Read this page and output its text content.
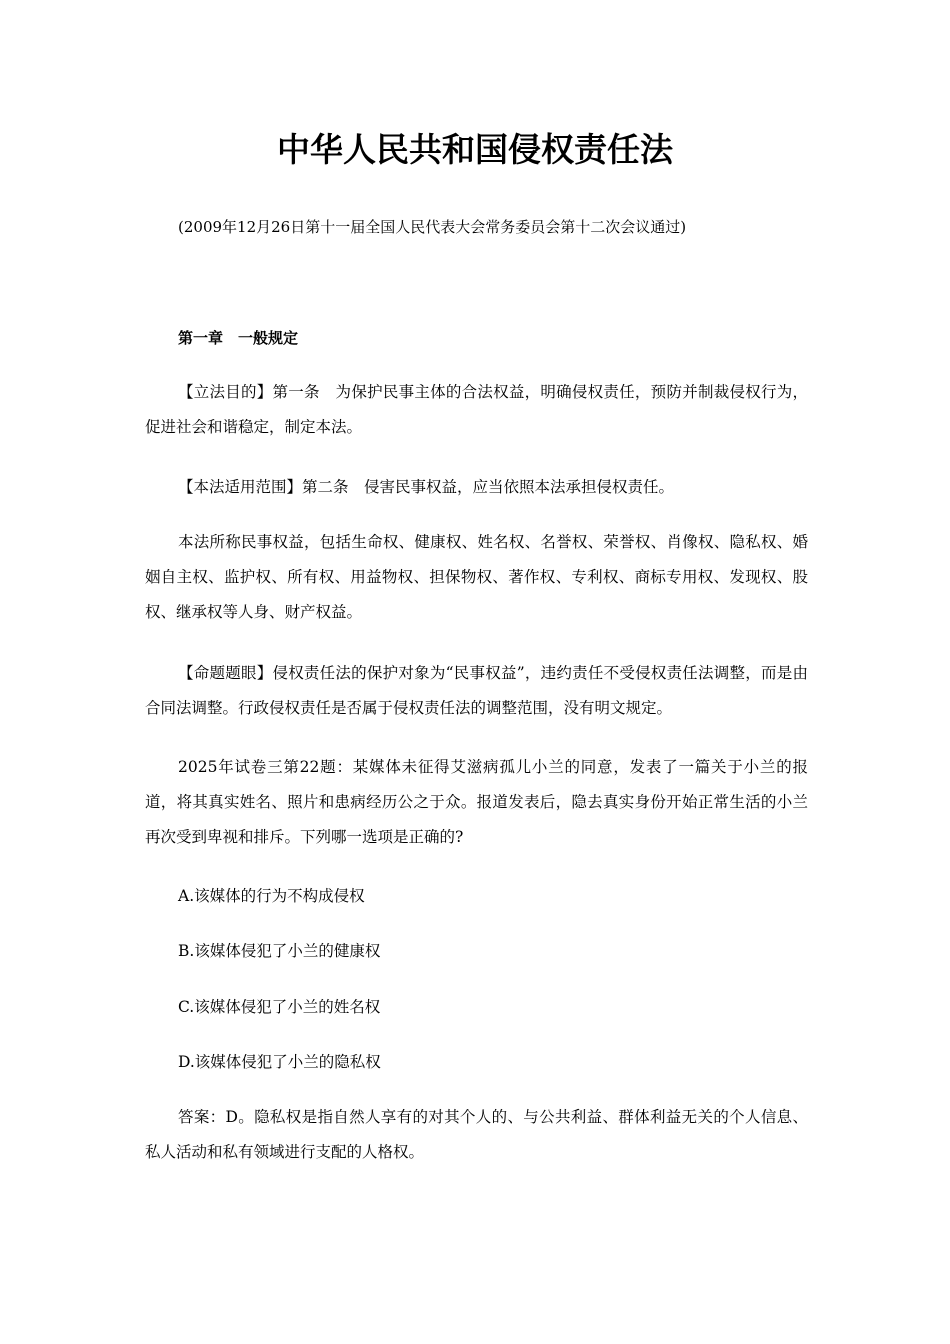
中华人民共和国侵权责任法
(2009年12月26日第十一届全国人民代表大会常务委员会第十二次会议通过)
第一章　一般规定
【立法目的】第一条　为保护民事主体的合法权益，明确侵权责任，预防并制裁侵权行为，促进社会和谐稳定，制定本法。
【本法适用范围】第二条　侵害民事权益，应当依照本法承担侵权责任。
本法所称民事权益，包括生命权、健康权、姓名权、名誉权、荣誉权、肖像权、隐私权、婚姻自主权、监护权、所有权、用益物权、担保物权、著作权、专利权、商标专用权、发现权、股权、继承权等人身、财产权益。
【命题题眼】侵权责任法的保护对象为“民事权益”，违约责任不受侵权责任法调整，而是由合同法调整。行政侵权责任是否属于侵权责任法的调整范围，没有明文规定。
2025年试卷三第22题：某媒体未征得艾滋病孤儿小兰的同意，发表了一篇关于小兰的报道，将其真实姓名、照片和患病经历公之于众。报道发表后，隐去真实身份开始正常生活的小兰再次受到卑视和排斥。下列哪一选项是正确的?
A.该媒体的行为不构成侵权
B.该媒体侵犯了小兰的健康权
C.该媒体侵犯了小兰的姓名权
D.该媒体侵犯了小兰的隐私权
答案：D。隐私权是指自然人享有的对其个人的、与公共利益、群体利益无关的个人信息、私人活动和私有领域进行支配的人格权。
